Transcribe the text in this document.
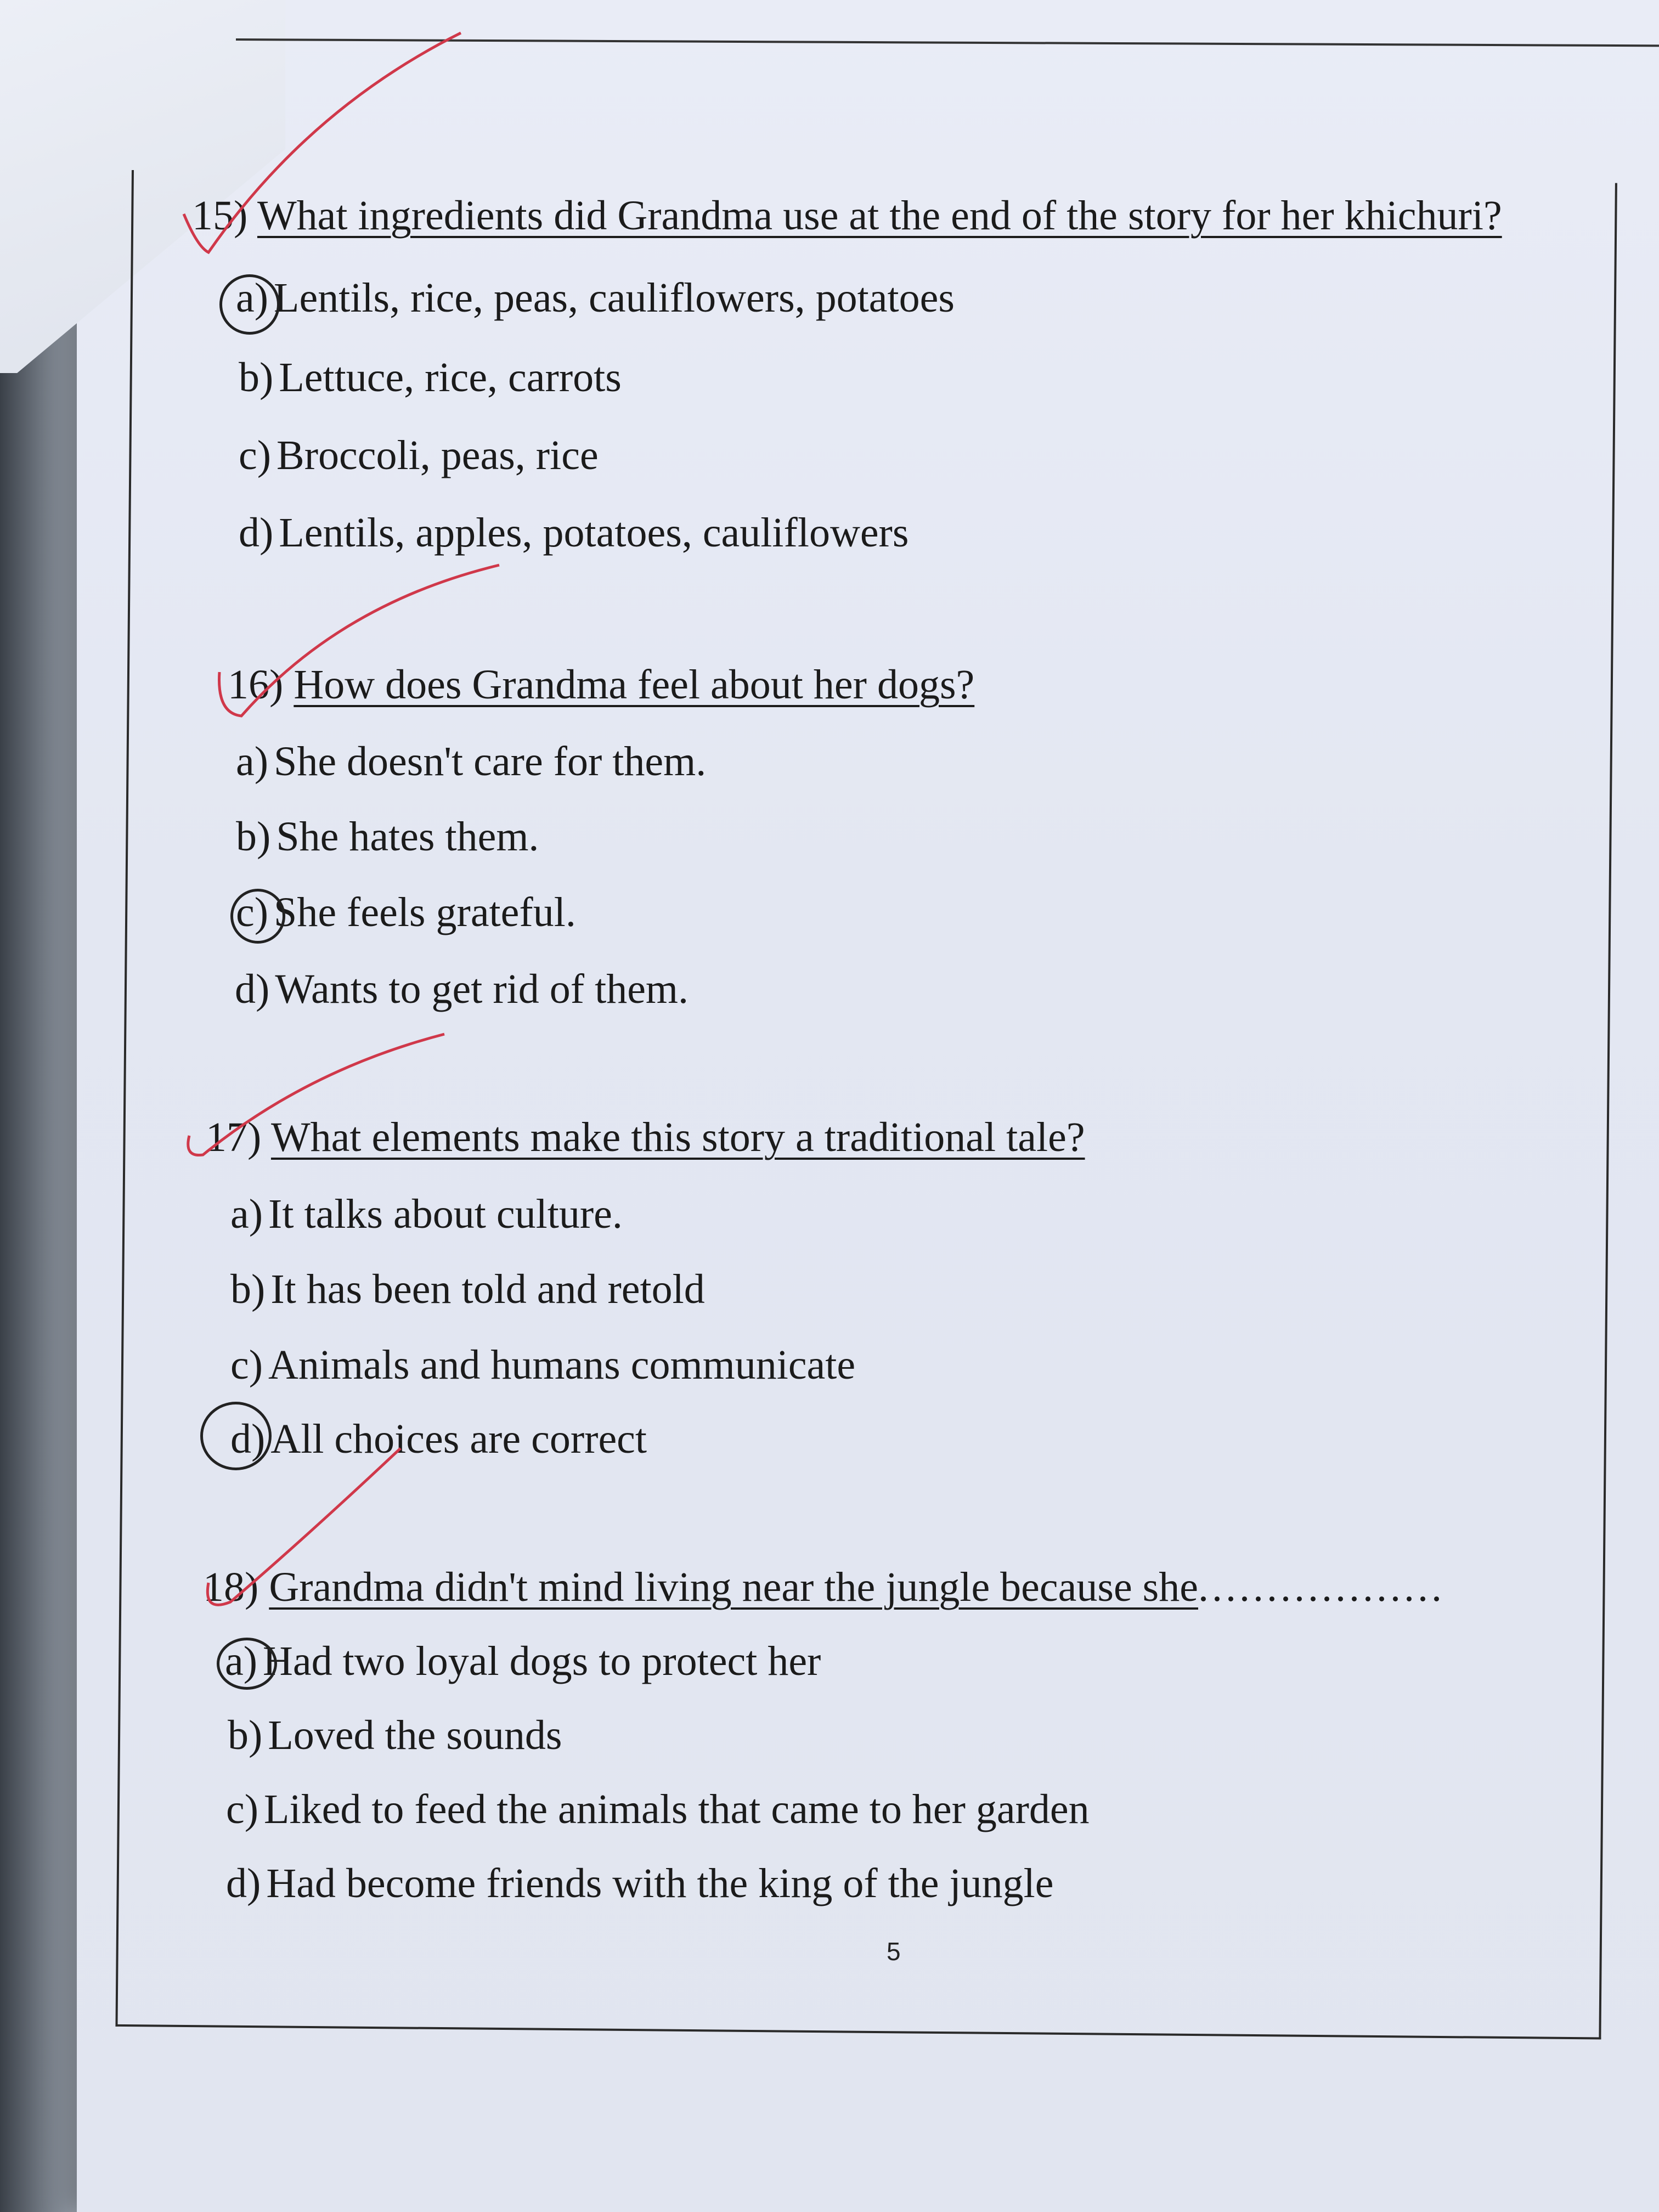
15) What ingredients did Grandma use at the end of the story for her khichuri?
a) Lentils, rice, peas, cauliflowers, potatoes
b) Lettuce, rice, carrots
c) Broccoli, peas, rice
d) Lentils, apples, potatoes, cauliflowers
16) How does Grandma feel about her dogs?
a) She doesn't care for them.
b) She hates them.
c) She feels grateful.
d) Wants to get rid of them.
17) What elements make this story a traditional tale?
a) It talks about culture.
b) It has been told and retold
c) Animals and humans communicate
d) All choices are correct
18) Grandma didn't mind living near the jungle because she..................
a) Had two loyal dogs to protect her
b) Loved the sounds
c) Liked to feed the animals that came to her garden
d) Had become friends with the king of the jungle
5
